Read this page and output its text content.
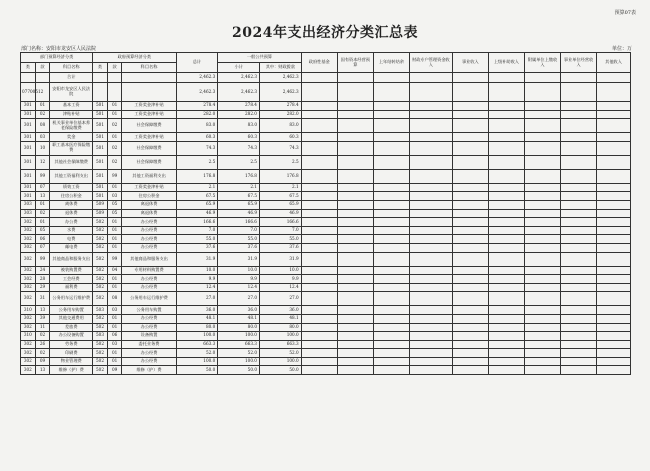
预算07表
2024年支出经济分类汇总表
部门名称：安阳市龙安区人民法院	单位：万
部门预算经济分类			政府预算经济分类			总计	一般公共预算		政府性基金	国有资本经营预算	上年结转结余	财政专户管理资金收入	事业收入	上级补助收入	附属单位上缴收入	事业单位经营收入	其他收入
类	款	科目名称	类	款	科目名称		小计	其中：财政拨款									
		合计				2,462.3	2,462.3	2,462.3									
07700512		安阳市龙安区人民法院				2,462.3	2,462.3	2,462.3									
301	01	基本工资	501	01	工资奖金津补贴	278.4	278.4	278.4									
301	02	津贴补贴	501	01	工资奖金津补贴	282.0	282.0	282.0									
301	08	机关事业单位基本养老保险缴费	501	02	社会保障缴费	83.0	83.0	83.0									
301	03	奖金	501	01	工资奖金津补贴	60.3	60.3	60.3									
301	10	职工基本医疗保险缴费	501	02	社会保障缴费	74.3	74.3	74.3									
301	12	其他社会保障缴费	501	02	社会保障缴费	2.5	2.5	2.5									
301	99	其他工资福利支出	501	99	其他工资福利支出	176.8	176.8	176.8									
301	07	绩效工资	501	01	工资奖金津补贴	2.1	2.1	2.1									
301	13	住房公积金	501	03	住房公积金	67.5	67.5	67.5									
303	01	离休费	509	05	离退休费	65.9	65.9	65.9									
303	02	退休费	509	05	离退休费	46.9	46.9	46.9									
302	01	办公费	502	01	办公经费	166.6	166.6	166.6									
302	05	水费	502	01	办公经费	7.0	7.0	7.0									
302	06	电费	502	01	办公经费	55.0	55.0	55.0									
302	07	邮电费	502	01	办公经费	37.6	37.6	37.6									
302	99	其他商品和服务支出	502	99	其他商品和服务支出	31.9	31.9	31.9									
302	24	被装购置费	502	04	专用材料购置费	10.0	10.0	10.0									
302	28	工会经费	502	01	办公经费	9.9	9.9	9.9									
302	29	福利费	502	01	办公经费	12.4	12.4	12.4									
302	31	公务用车运行维护费	502	08	公务用车运行维护费	27.0	27.0	27.0									
310	13	公务用车购置	503	03	公务用车购置	36.0	36.0	36.0									
302	39	其他交通费用	502	01	办公经费	48.1	48.1	48.1									
302	11	差旅费	502	01	办公经费	80.0	80.0	80.0									
310	02	办公设备购置	503	06	设备购置	100.0	100.0	100.0									
302	26	劳务费	502	03	委托业务费	663.3	663.3	663.3									
302	02	印刷费	502	01	办公经费	52.0	52.0	52.0									
302	09	物业管理费	502	01	办公经费	100.0	100.0	100.0									
302	13	维修（护）费	502	09	维修（护）费	50.0	50.0	50.0									
